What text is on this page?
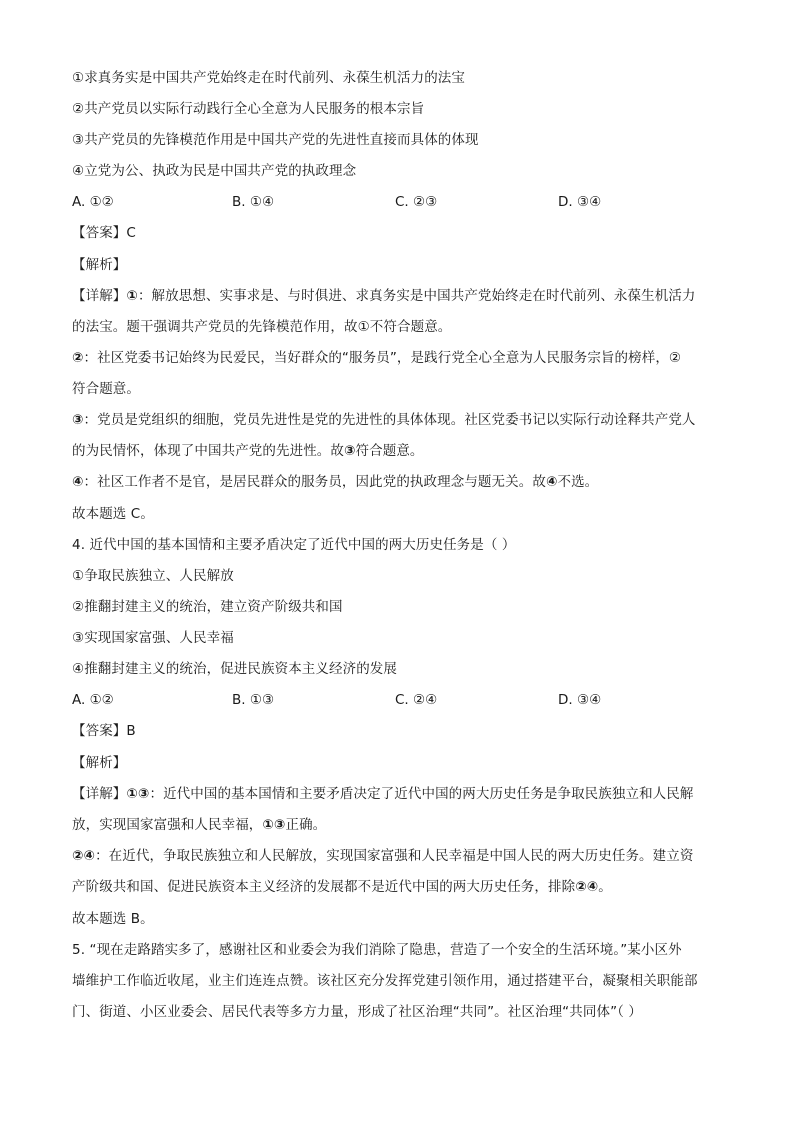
①求真务实是中国共产党始终走在时代前列、永葆生机活力的法宝
②共产党员以实际行动践行全心全意为人民服务的根本宗旨
③共产党员的先锋模范作用是中国共产党的先进性直接而具体的体现
④立党为公、执政为民是中国共产党的执政理念
A. ①②	B. ①④	C. ②③	D. ③④
【答案】C
【解析】
【详解】①：解放思想、实事求是、与时俱进、求真务实是中国共产党始终走在时代前列、永葆生机活力
的法宝。题干强调共产党员的先锋模范作用，故①不符合题意。
②：社区党委书记始终为民爱民，当好群众的“服务员”，是践行党全心全意为人民服务宗旨的榜样，②
符合题意。
③：党员是党组织的细胞，党员先进性是党的先进性的具体体现。社区党委书记以实际行动诠释共产党人
的为民情怀，体现了中国共产党的先进性。故③符合题意。
④：社区工作者不是官，是居民群众的服务员，因此党的执政理念与题无关。故④不选。
故本题选 C。
4. 近代中国的基本国情和主要矛盾决定了近代中国的两大历史任务是（ ）
①争取民族独立、人民解放
②推翻封建主义的统治，建立资产阶级共和国
③实现国家富强、人民幸福
④推翻封建主义的统治，促进民族资本主义经济的发展
A. ①②	B. ①③	C. ②④	D. ③④
【答案】B
【解析】
【详解】①③：近代中国的基本国情和主要矛盾决定了近代中国的两大历史任务是争取民族独立和人民解
放，实现国家富强和人民幸福，①③正确。
②④：在近代，争取民族独立和人民解放，实现国家富强和人民幸福是中国人民的两大历史任务。建立资
产阶级共和国、促进民族资本主义经济的发展都不是近代中国的两大历史任务，排除②④。
故本题选 B。
5. “现在走路踏实多了，感谢社区和业委会为我们消除了隐患，营造了一个安全的生活环境。”某小区外
墙维护工作临近收尾，业主们连连点赞。该社区充分发挥党建引领作用，通过搭建平台，凝聚相关职能部
门、街道、小区业委会、居民代表等多方力量，形成了社区治理“共同”。社区治理“共同体”（ ）
